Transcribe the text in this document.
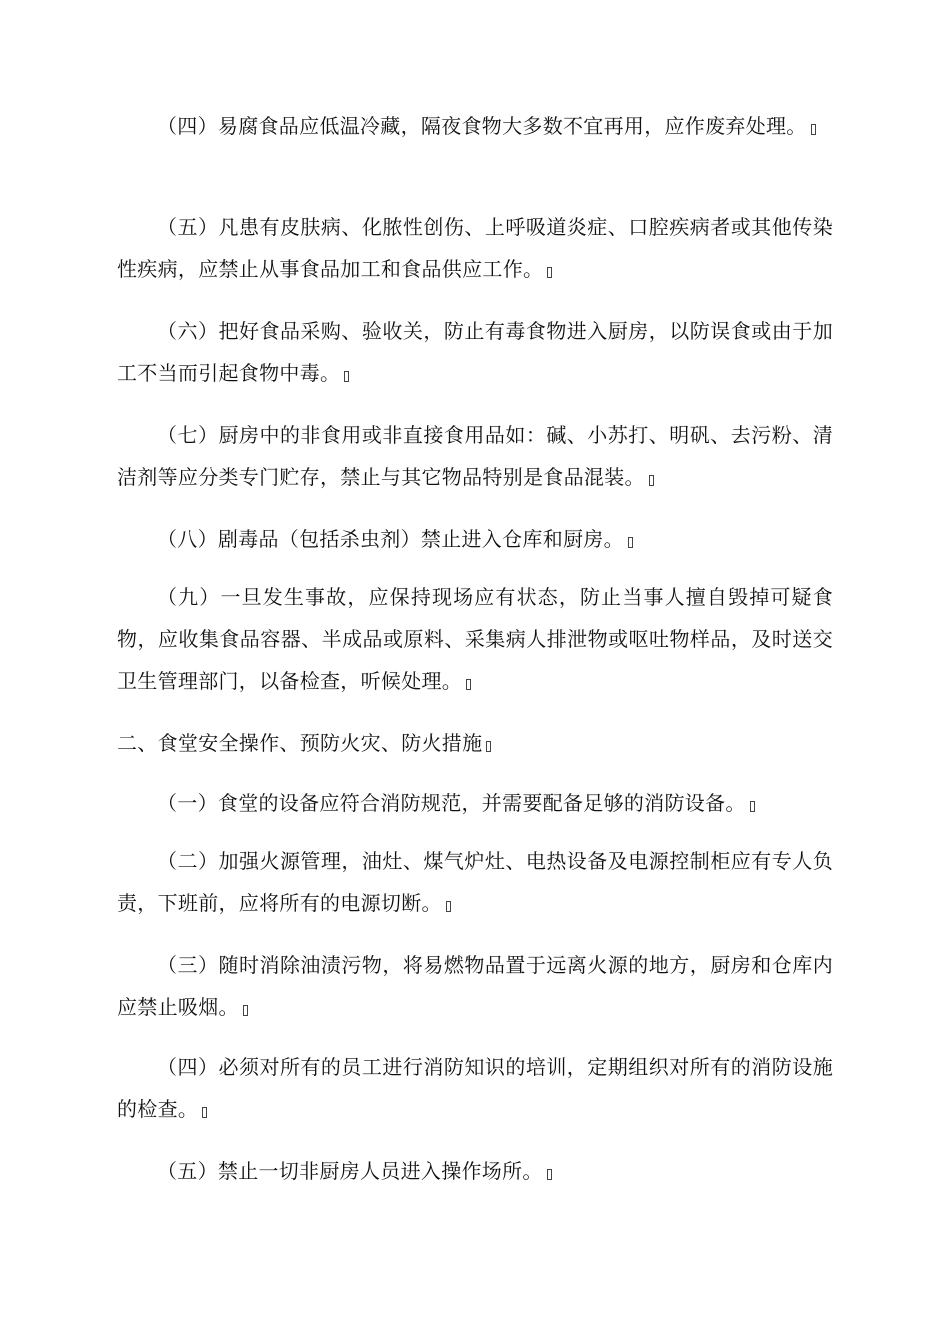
（四）易腐食品应低温冷藏，隔夜食物大多数不宜再用，应作废弃处理。

（五）凡患有皮肤病、化脓性创伤、上呼吸道炎症、口腔疾病者或其他传染性疾病，应禁止从事食品加工和食品供应工作。

（六）把好食品采购、验收关，防止有毒食物进入厨房，以防误食或由于加工不当而引起食物中毒。

（七）厨房中的非食用或非直接食用品如：碱、小苏打、明矾、去污粉、清洁剂等应分类专门贮存，禁止与其它物品特别是食品混装。

（八）剧毒品（包括杀虫剂）禁止进入仓库和厨房。

（九）一旦发生事故，应保持现场应有状态，防止当事人擅自毁掉可疑食物，应收集食品容器、半成品或原料、采集病人排泄物或呕吐物样品，及时送交卫生管理部门，以备检查，听候处理。

二、食堂安全操作、预防火灾、防火措施

（一）食堂的设备应符合消防规范，并需要配备足够的消防设备。

（二）加强火源管理，油灶、煤气炉灶、电热设备及电源控制柜应有专人负责，下班前，应将所有的电源切断。

（三）随时消除油渍污物，将易燃物品置于远离火源的地方，厨房和仓库内应禁止吸烟。

（四）必须对所有的员工进行消防知识的培训，定期组织对所有的消防设施的检查。

（五）禁止一切非厨房人员进入操作场所。
